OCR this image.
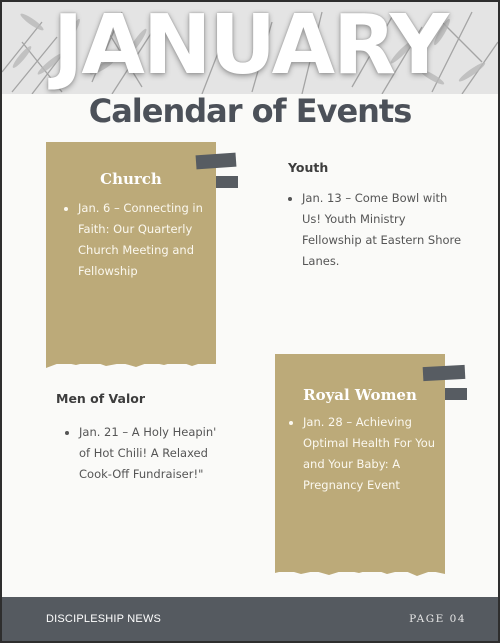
JANUARY
Calendar of Events
Church
• Jan. 6 – Connecting in Faith: Our Quarterly Church Meeting and Fellowship
Youth
• Jan. 13 – Come Bowl with Us! Youth Ministry Fellowship at Eastern Shore Lanes.
Men of Valor
• Jan. 21 – A Holy Heapin' of Hot Chili! A Relaxed Cook-Off Fundraiser!"
Royal Women
• Jan. 28 – Achieving Optimal Health For You and Your Baby: A Pregnancy Event
DISCIPLESHIP NEWS	PAGE 04
